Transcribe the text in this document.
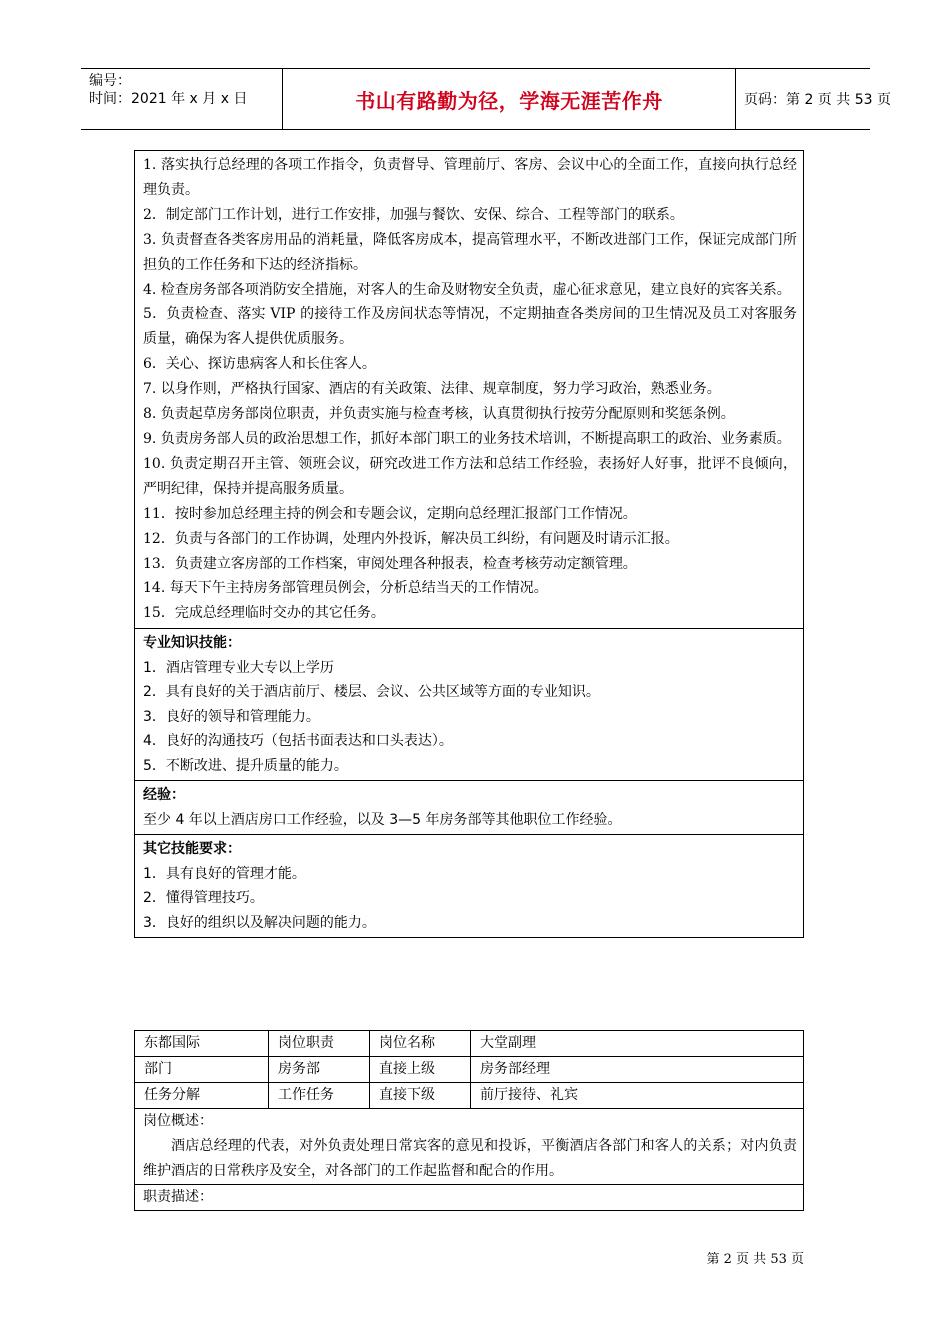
编号：
时间：2021 年 x 月 x 日	书山有路勤为径，学海无涯苦作舟	页码：第 2 页 共 53 页
1. 落实执行总经理的各项工作指令，负责督导、管理前厅、客房、会议中心的全面工作，直接向执行总经理负责。
2．制定部门工作计划，进行工作安排，加强与餐饮、安保、综合、工程等部门的联系。
3. 负责督查各类客房用品的消耗量，降低客房成本，提高管理水平，不断改进部门工作，保证完成部门所担负的工作任务和下达的经济指标。
4. 检查房务部各项消防安全措施，对客人的生命及财物安全负责，虚心征求意见，建立良好的宾客关系。
5．负责检查、落实 VIP 的接待工作及房间状态等情况，不定期抽查各类房间的卫生情况及员工对客服务质量，确保为客人提供优质服务。
6．关心、探访患病客人和长住客人。
7. 以身作则，严格执行国家、酒店的有关政策、法律、规章制度，努力学习政治，熟悉业务。
8. 负责起草房务部岗位职责，并负责实施与检查考核，认真贯彻执行按劳分配原则和奖惩条例。
9. 负责房务部人员的政治思想工作，抓好本部门职工的业务技术培训，不断提高职工的政治、业务素质。
10. 负责定期召开主管、领班会议，研究改进工作方法和总结工作经验，表扬好人好事，批评不良倾向，严明纪律，保持并提高服务质量。
11．按时参加总经理主持的例会和专题会议，定期向总经理汇报部门工作情况。
12．负责与各部门的工作协调，处理内外投诉，解决员工纠纷，有问题及时请示汇报。
13．负责建立客房部的工作档案，审阅处理各种报表，检查考核劳动定额管理。
14. 每天下午主持房务部管理员例会，分析总结当天的工作情况。
15．完成总经理临时交办的其它任务。
专业知识技能：
1．酒店管理专业大专以上学历
2．具有良好的关于酒店前厅、楼层、会议、公共区域等方面的专业知识。
3．良好的领导和管理能力。
4．良好的沟通技巧（包括书面表达和口头表达）。
5．不断改进、提升质量的能力。
经验：
至少 4 年以上酒店房口工作经验，以及 3—5 年房务部等其他职位工作经验。
其它技能要求：
1．具有良好的管理才能。
2．懂得管理技巧。
3．良好的组织以及解决问题的能力。
东都国际	岗位职责	岗位名称	大堂副理
部门	房务部	直接上级	房务部经理
任务分解	工作任务	直接下级	前厅接待、礼宾
岗位概述：
酒店总经理的代表，对外负责处理日常宾客的意见和投诉，平衡酒店各部门和客人的关系；对内负责维护酒店的日常秩序及安全，对各部门的工作起监督和配合的作用。
职责描述：
第 2 页 共 53 页
